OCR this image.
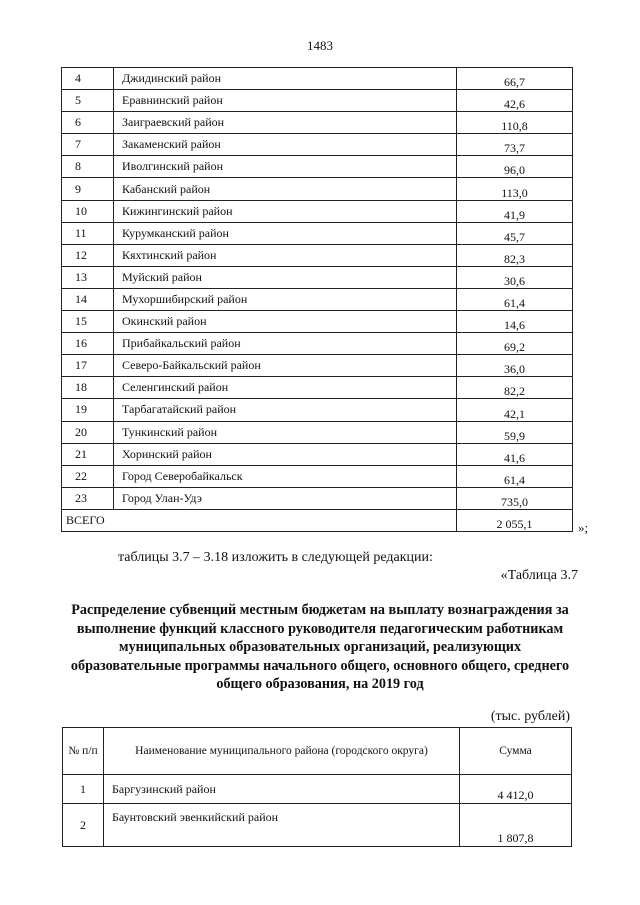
1483
4	Джидинский район	66,7
5	Еравнинский район	42,6
6	Заиграевский район	110,8
7	Закаменский район	73,7
8	Иволгинский район	96,0
9	Кабанский район	113,0
10	Кижингинский район	41,9
11	Курумканский район	45,7
12	Кяхтинский район	82,3
13	Муйский район	30,6
14	Мухоршибирский район	61,4
15	Окинский район	14,6
16	Прибайкальский район	69,2
17	Северо-Байкальский район	36,0
18	Селенгинский район	82,2
19	Тарбагатайский район	42,1
20	Тункинский район	59,9
21	Хоринский район	41,6
22	Город Северобайкальск	61,4
23	Город Улан-Удэ	735,0
ВСЕГО		2 055,1	»;
таблицы 3.7 – 3.18 изложить в следующей редакции:
«Таблица 3.7
Распределение субвенций местным бюджетам на выплату вознаграждения за выполнение функций классного руководителя педагогическим работникам муниципальных образовательных организаций, реализующих образовательные программы начального общего, основного общего, среднего общего образования, на 2019 год
(тыс. рублей)
№ п/п	Наименование муниципального района (городского округа)	Сумма
1	Баргузинский район	4 412,0
2	Баунтовский эвенкийский район	1 807,8
